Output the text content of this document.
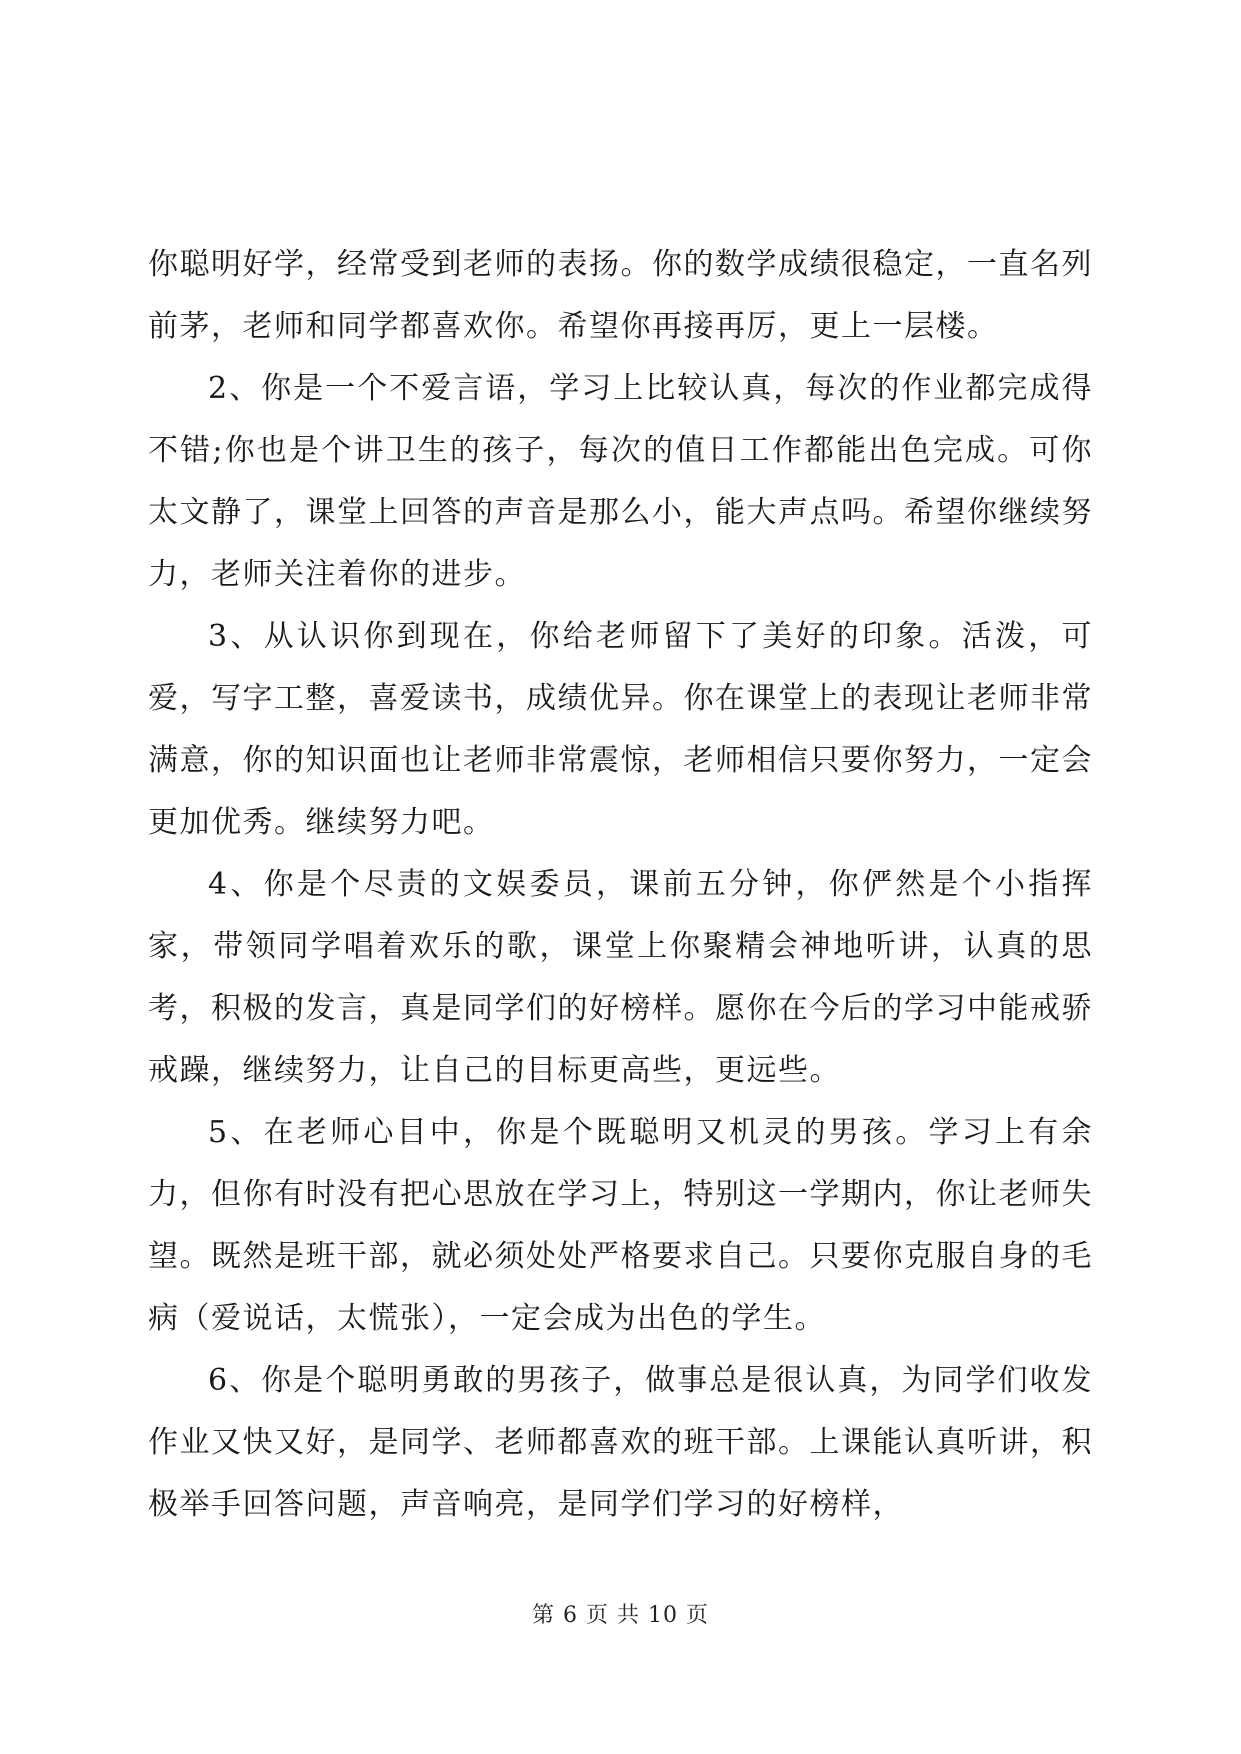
你聪明好学，经常受到老师的表扬。你的数学成绩很稳定，一直名列前茅，老师和同学都喜欢你。希望你再接再厉，更上一层楼。

2、你是一个不爱言语，学习上比较认真，每次的作业都完成得不错;你也是个讲卫生的孩子，每次的值日工作都能出色完成。可你太文静了，课堂上回答的声音是那么小，能大声点吗。希望你继续努力，老师关注着你的进步。

3、从认识你到现在，你给老师留下了美好的印象。活泼，可爱，写字工整，喜爱读书，成绩优异。你在课堂上的表现让老师非常满意，你的知识面也让老师非常震惊，老师相信只要你努力，一定会更加优秀。继续努力吧。

4、你是个尽责的文娱委员，课前五分钟，你俨然是个小指挥家，带领同学唱着欢乐的歌，课堂上你聚精会神地听讲，认真的思考，积极的发言，真是同学们的好榜样。愿你在今后的学习中能戒骄戒躁，继续努力，让自己的目标更高些，更远些。

5、在老师心目中，你是个既聪明又机灵的男孩。学习上有余力，但你有时没有把心思放在学习上，特别这一学期内，你让老师失望。既然是班干部，就必须处处严格要求自己。只要你克服自身的毛病（爱说话，太慌张），一定会成为出色的学生。

6、你是个聪明勇敢的男孩子，做事总是很认真，为同学们收发作业又快又好，是同学、老师都喜欢的班干部。上课能认真听讲，积极举手回答问题，声音响亮，是同学们学习的好榜样，

第 6 页 共 10 页
